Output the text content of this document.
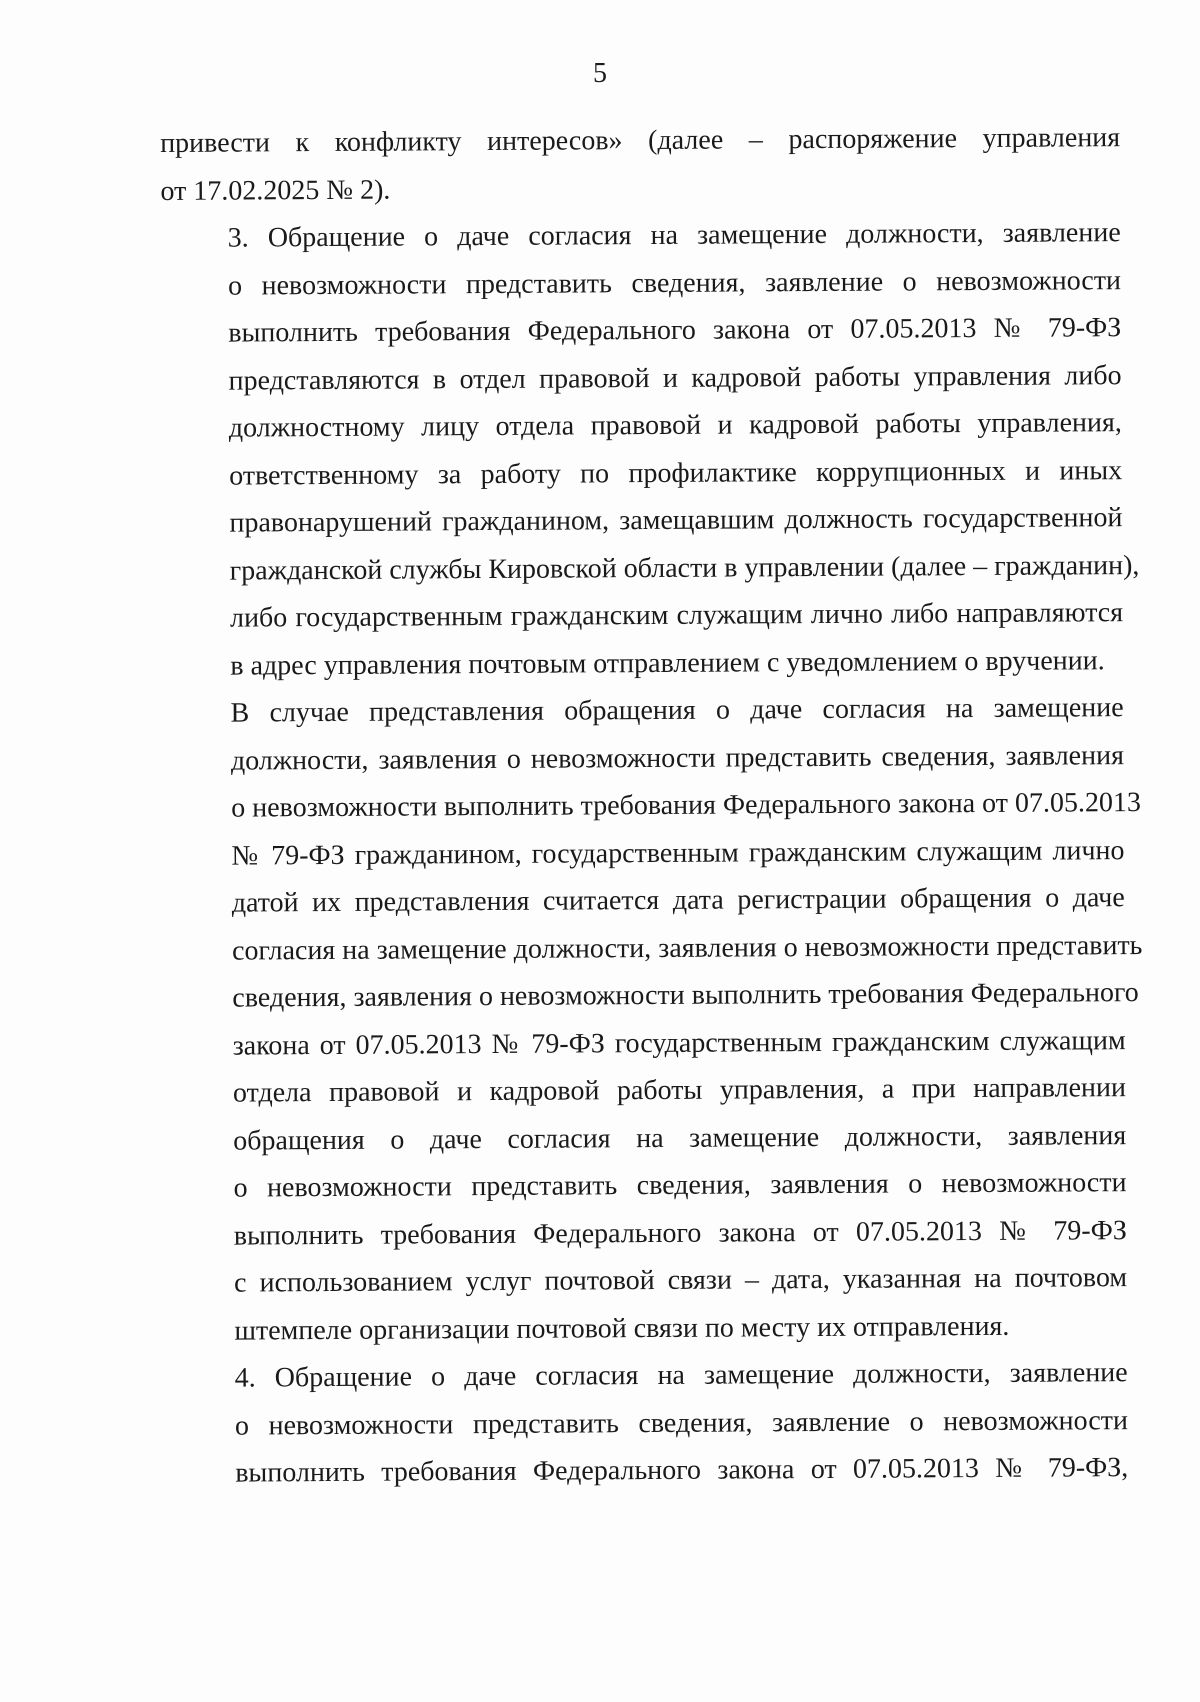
5

привести к конфликту интересов» (далее – распоряжение управления
от 17.02.2025 № 2).

3. Обращение о даче согласия на замещение должности, заявление
о невозможности представить сведения, заявление о невозможности
выполнить требования Федерального закона от 07.05.2013 № 79-ФЗ
представляются в отдел правовой и кадровой работы управления либо
должностному лицу отдела правовой и кадровой работы управления,
ответственному за работу по профилактике коррупционных и иных
правонарушений гражданином, замещавшим должность государственной
гражданской службы Кировской области в управлении (далее – гражданин),
либо государственным гражданским служащим лично либо направляются
в адрес управления почтовым отправлением с уведомлением о вручении.

В случае представления обращения о даче согласия на замещение
должности, заявления о невозможности представить сведения, заявления
о невозможности выполнить требования Федерального закона от 07.05.2013
№ 79-ФЗ гражданином, государственным гражданским служащим лично
датой их представления считается дата регистрации обращения о даче
согласия на замещение должности, заявления о невозможности представить
сведения, заявления о невозможности выполнить требования Федерального
закона от 07.05.2013 № 79-ФЗ государственным гражданским служащим
отдела правовой и кадровой работы управления, а при направлении
обращения о даче согласия на замещение должности, заявления
о невозможности представить сведения, заявления о невозможности
выполнить требования Федерального закона от 07.05.2013 № 79-ФЗ
с использованием услуг почтовой связи – дата, указанная на почтовом
штемпеле организации почтовой связи по месту их отправления.

4. Обращение о даче согласия на замещение должности, заявление
о невозможности представить сведения, заявление о невозможности
выполнить требования Федерального закона от 07.05.2013 № 79-ФЗ,
